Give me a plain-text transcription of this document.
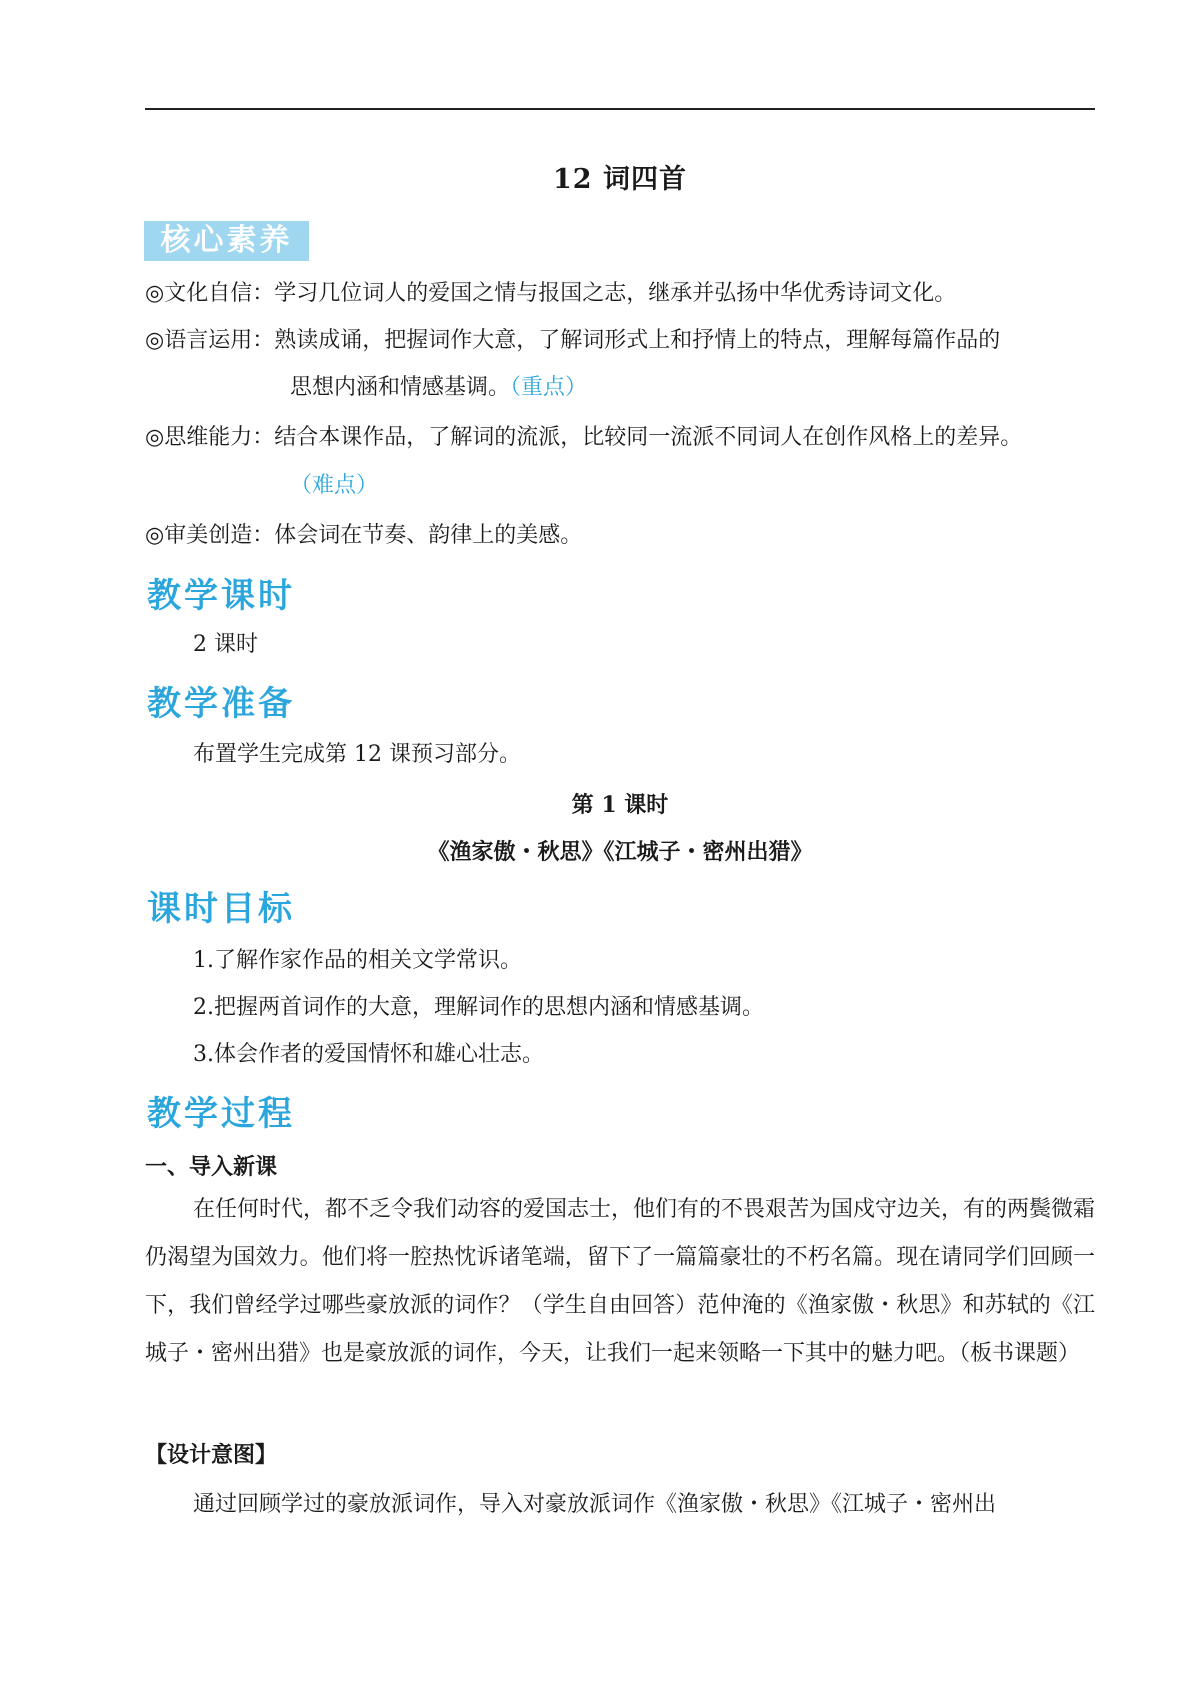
12 词四首
核心素养
◎文化自信：学习几位词人的爱国之情与报国之志，继承并弘扬中华优秀诗词文化。
◎语言运用：熟读成诵，把握词作大意，了解词形式上和抒情上的特点，理解每篇作品的
思想内涵和情感基调。（重点）
◎思维能力：结合本课作品，了解词的流派，比较同一流派不同词人在创作风格上的差异。
（难点）
◎审美创造：体会词在节奏、韵律上的美感。
教学课时
2 课时
教学准备
布置学生完成第 12 课预习部分。
第 1 课时
《渔家傲・秋思》《江城子・密州出猎》
课时目标
1.了解作家作品的相关文学常识。
2.把握两首词作的大意，理解词作的思想内涵和情感基调。
3.体会作者的爱国情怀和雄心壮志。
教学过程
一、导入新课
在任何时代，都不乏令我们动容的爱国志士，他们有的不畏艰苦为国戍守边关，有的两鬓微霜仍渴望为国效力。他们将一腔热忱诉诸笔端，留下了一篇篇豪壮的不朽名篇。现在请同学们回顾一下，我们曾经学过哪些豪放派的词作？（学生自由回答）范仲淹的《渔家傲・秋思》和苏轼的《江城子・密州出猎》也是豪放派的词作，今天，让我们一起来领略一下其中的魅力吧。（板书课题）
【设计意图】
通过回顾学过的豪放派词作，导入对豪放派词作《渔家傲・秋思》《江城子・密州出
